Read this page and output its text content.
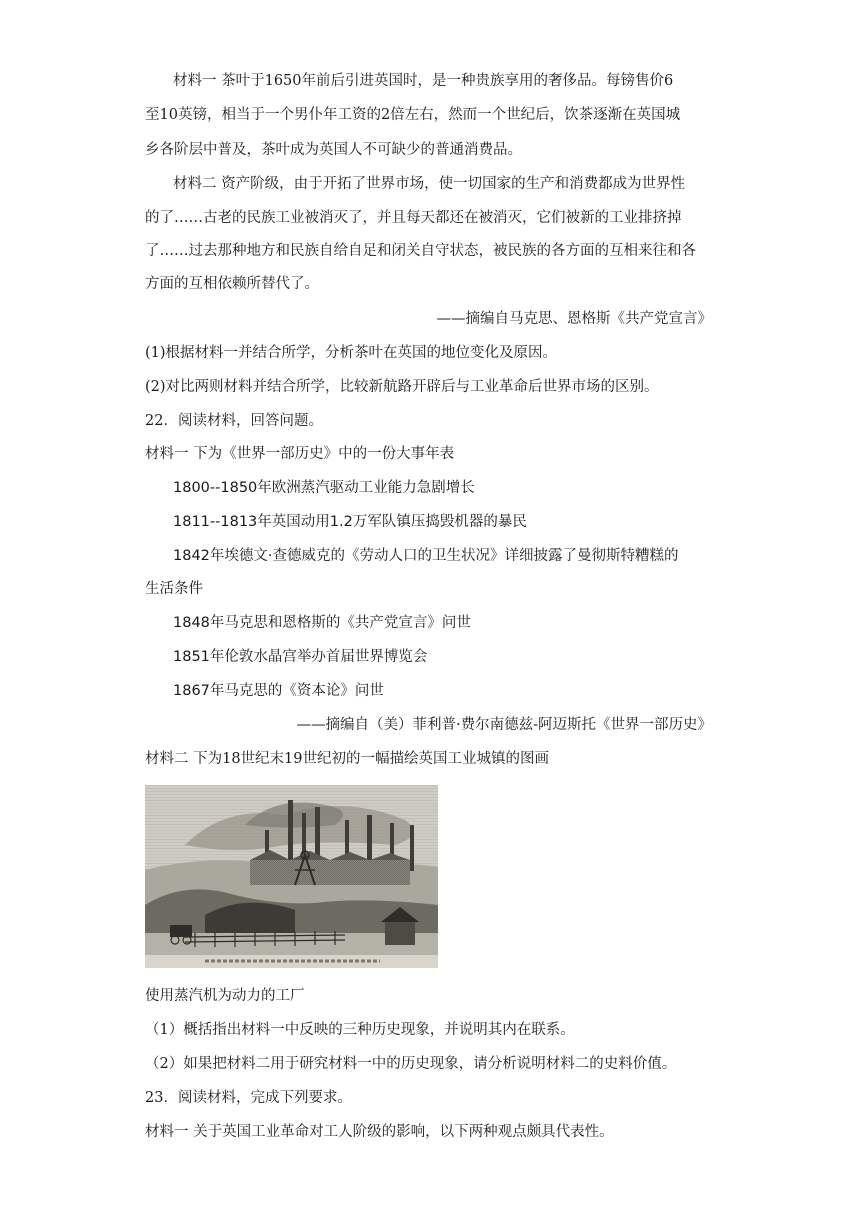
材料一 茶叶于1650年前后引进英国时，是一种贵族享用的奢侈品。每镑售价6
至10英镑，相当于一个男仆年工资的2倍左右，然而一个世纪后，饮茶逐渐在英国城
乡各阶层中普及，茶叶成为英国人不可缺少的普通消费品。
材料二 资产阶级，由于开拓了世界市场，使一切国家的生产和消费都成为世界性
的了……古老的民族工业被消灭了，并且每天都还在被消灭，它们被新的工业排挤掉
了……过去那种地方和民族自给自足和闭关自守状态，被民族的各方面的互相来往和各
方面的互相依赖所替代了。
——摘编自马克思、恩格斯《共产党宣言》
(1)根据材料一并结合所学，分析茶叶在英国的地位变化及原因。
(2)对比两则材料并结合所学，比较新航路开辟后与工业革命后世界市场的区别。
22．阅读材料，回答问题。
材料一 下为《世界一部历史》中的一份大事年表
1800--1850年欧洲蒸汽驱动工业能力急剧增长
1811--1813年英国动用1.2万军队镇压捣毁机器的暴民
1842年埃德文·查德威克的《劳动人口的卫生状况》详细披露了曼彻斯特糟糕的
生活条件
1848年马克思和恩格斯的《共产党宣言》问世
1851年伦敦水晶宫举办首届世界博览会
1867年马克思的《资本论》问世
——摘编自（美）菲利普·费尔南德兹-阿迈斯托《世界一部历史》
材料二 下为18世纪末19世纪初的一幅描绘英国工业城镇的图画
使用蒸汽机为动力的工厂
（1）概括指出材料一中反映的三种历史现象，并说明其内在联系。
（2）如果把材料二用于研究材料一中的历史现象，请分析说明材料二的史料价值。
23．阅读材料，完成下列要求。
材料一 关于英国工业革命对工人阶级的影响，以下两种观点颇具代表性。
